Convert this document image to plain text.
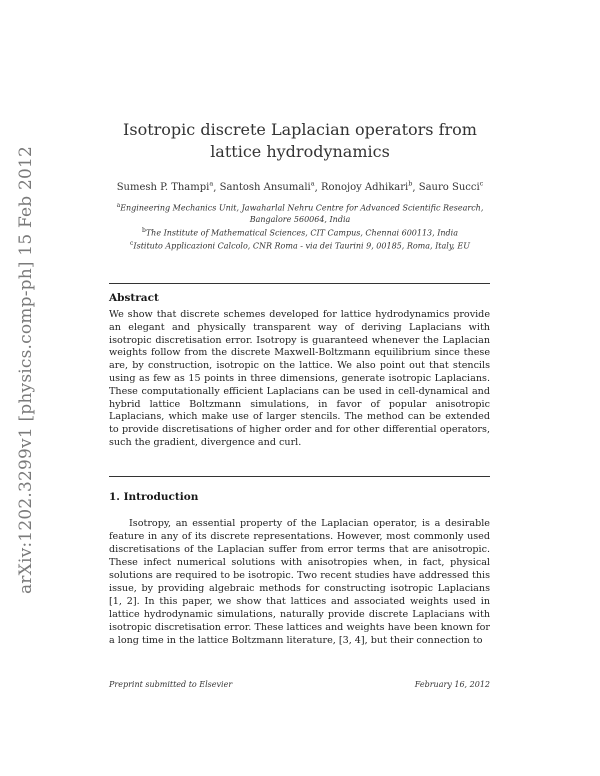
arXiv:1202.3299v1 [physics.comp-ph] 15 Feb 2012
Isotropic discrete Laplacian operators from lattice hydrodynamics
Sumesh P. Thampi$^a$, Santosh Ansumali$^a$, Ronojoy Adhikari$^b$, Sauro Succi$^c$
$^a$Engineering Mechanics Unit, Jawaharlal Nehru Centre for Advanced Scientific Research, Bangalore 560064, India
$^b$The Institute of Mathematical Sciences, CIT Campus, Chennai 600113, India
$^c$Istituto Applicazioni Calcolo, CNR Roma - via dei Taurini 9, 00185, Roma, Italy, EU
Abstract
We show that discrete schemes developed for lattice hydrodynamics provide an elegant and physically transparent way of deriving Laplacians with isotropic discretisation error. Isotropy is guaranteed whenever the Laplacian weights follow from the discrete Maxwell-Boltzmann equilibrium since these are, by construction, isotropic on the lattice. We also point out that stencils using as few as 15 points in three dimensions, generate isotropic Laplacians. These computationally efficient Laplacians can be used in cell-dynamical and hybrid lattice Boltzmann simulations, in favor of popular anisotropic Laplacians, which make use of larger stencils. The method can be extended to provide discretisations of higher order and for other differential operators, such the gradient, divergence and curl.
1. Introduction
Isotropy, an essential property of the Laplacian operator, is a desirable feature in any of its discrete representations. However, most commonly used discretisations of the Laplacian suffer from error terms that are anisotropic. These infect numerical solutions with anisotropies when, in fact, physical solutions are required to be isotropic. Two recent studies have addressed this issue, by providing algebraic methods for constructing isotropic Laplacians [1, 2]. In this paper, we show that lattices and associated weights used in lattice hydrodynamic simulations, naturally provide discrete Laplacians with isotropic discretisation error. These lattices and weights have been known for a long time in the lattice Boltzmann literature, [3, 4], but their connection to
Preprint submitted to Elsevier	February 16, 2012
